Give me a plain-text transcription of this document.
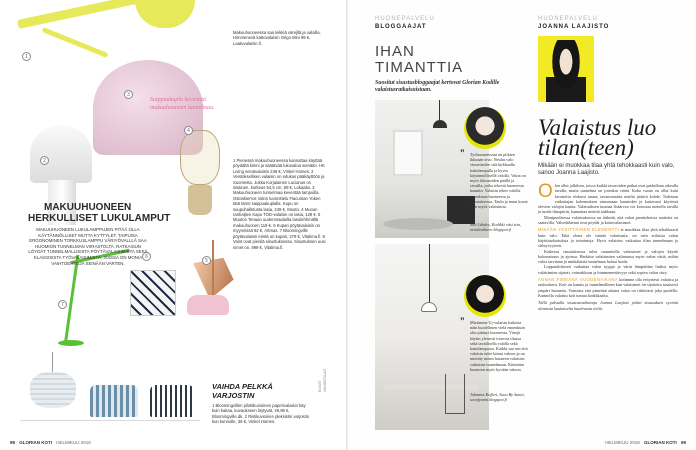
1
2
3
4
5
6
7
Saippuakupla keventää makuuhuoneen tunnelmaa.
Makuuhuoneessa saa leikkiä värejllä ja valoilla. Himmenevä kattovalaisin Origo Mini 99 €, Laatuvalaisin.fi.
MAKUUHUONEEN
HERKULLISET LUKULAMPUT
MAKUUHUONEEN LUKULAMPPUJEN PITÄÄ OLLA KÄYTÄNNÖLLISET MUTTA KYTTYLET. TAIPUISA ERGONOMINEN TORKKUSLAMPPU VÄRIYÖVALLLÄ SAA HUOMION TUNNELMAN VIIRASTOLTA. RATKAISUN LÖYDÄT TUNNELMALLISISTA PÖYTÄVALAISIMISTA SEKÄ KLASSISISTA TYÖVALAISIMISTA, JOISSA ON MONIA VAIHTOEHTOJA SEINÄÄN VARTEN.
1 Pienessä makuuhuoneessa kannattaa käyttää pöydältä kiinni ja säätävää lukuvaloa seinään. HK Living seinävalaisin 249 €, Vinkel Homes. 2 Veistoksellisen valaisin on edukas pääkäyttöön ja Suomesta. Jukka Korjalainen Lucianus on sisäinen, korkeus 54,5 cm, 89 €, Lokaalia. 3 Makuuhuoneen tunnelmaa keventää lampuilla. Ostoskierros Valon luunnittelu Fiacuntan Yoken tätä tämö saippuakuplalla. Kupu on suupuhalletusta lasia, 249 €, Muoto. 4 Muoon ranhaljien Kapu TOD-valaisin on lasia, 129 €. 5 Muuton Tenaan uudenmaalailta lasulehhmällä makuuhuonen 119 €. 6 Kupari pöytävalaisin on myynnissä 92 €, Artmas. 7 Bloomingville pöytävalaisin eristä on kupari, 279 €, Vitalima.fi. 8 Valot ovat pienilä sisustuksessa. Sisustuksen uusi nimet on. 999 €, Vitalima.fi.
KUVAT VALMISTAJAT
VAIHDA PELKKÄ
VARJOSTIN
1 Bloomingvillen pilottikuvioinen paperivalaisin käy kuin kaitaa, kuvaukseen löytyvät, 49,95 €, Bloomingville.dk. 2 Ristikuvioinen pleksistin varjostin kun kunnolle, 39 €, Vinkel Homes.
98 GLORIAN KOTI HELMIKUU 2018
HUONEPALVELU
BLOGGAAJAT
IHAN
TIMANTTIA
Suositut sisustusbloggaajat kertovat Glorian Kodille valaistusratkaisuistaan.
” Työhuoneessani on pitkien ikkunan sivu. Neulas valo viimeistelee sitä kirkkaalla kattolampulla ja hyvin käytännöllisellä valolla. Valoa on myös ikkunoiden päällä ja sivuilla, jotka tekevät huoneesta kauniin. Valaisin tekee valolla tunnelmaa huoneessa ja sisustuksessa. Taulu ja muut kuvat ovat myös valaisimia.
Sini Lähdes, Kodikki vitsi tein, oividitaihtere.blogspot.fi
” Mietimme Uj-valaisin kaikista näin huolellinen vielä ennenkuin olin pitänyt huoneesta. Värejä käytin yleisesti toisessa tilassa sekä tavallisella valolla sekä kattolampussa. Kaikki saa sen että valaisin tulee kiinni valoon ja on mietitty miten huoneen valaistus vaikuttaa tunnelmaan. Kiinnitän huomion myös hyvään valoon.
Johanna Koffert, Suca By Sanni, scoofyanni.blogspot.fi
HUONEPALVELU
JOANNA LAAJISTO
Valaistus luo
tilan(teen)
Mikään ei muokkaa tilaa yhtä tehokkaasti kuin valo, sanoo Joanna Laajisto.
O len ollut jalkilsen, joissa kaikki tavaroiden paikat ovat paikallaan oikealla tavalla, mutta tunnelma on jotenkin väärä. Koko ruoan on ollut kuin lavastettu elokuva sauna, tavanomaista mieltä jättävä kohde. Todetaan vaikuttajan kokemuksen ainoastaan kauniiden ja kattavasti käytössä olevien valojen kautta. Valaistuksen tuomaa lisäarvoa voi korostaa monella tavalla ja tuoda ilmapiirin, kannattaa miettiä tarkkaan.

Monipuolisessa valaistuksessa on tärkeää, että valon pienitehoisia tuotteita on saatavilla. Valonlähteinä ovat pöydät ja kattovalaisimet.

MIKÄÄN YKSITTÄINEN ELEMENTTI ei muokkaa tilaa yhtä tehokkaasti kuin valo. Eikä olena ole väärää valaistusta, on vain erilaisia valon käyttötarkoituksia ja toimintoja. Hyvä valaistus vaikuttaa tilan tunnelmaan ja viihtyvyyteen.

Kaikessa sisustuksessa tulisi suunnitella valaisimet ja valojen käyttö kokonaisuus jo ajoissa. Harkitse valaisimien valinnassa myös valon väriä, mihin valoa tarvitaan ja minkälaista tunnelmaa haluat luoda.

Lopputulokseen vaikuttaa valon tyyppi ja värin lämpötilan lisäksi myös valaisimien sijainti, voimakkuus ja himmennettävyys sekä sopiva valon sävy.

ANNAN PIMEÄNÄ VUODENAIKANA kotimme olla erityisesti valaistu ja rauhoittava. Koti on kaunis ja tunnelmallinen kun valaisimet on sijoitettu tasaisesti ympäri huonetta. Varmista että pimeänä aikana valoa on riittävästi joka puolella. Kunnolla valaistu koti tuntuu kodikkaalta.

Tällä palstalla sisustusvaikuttaja Joanna Laajisto pohtii sisustuksen syvintä olemusta kaukaiselta kuulevasta tieltä.

HELMIKUU 2018 GLORIAN KOTI 99
